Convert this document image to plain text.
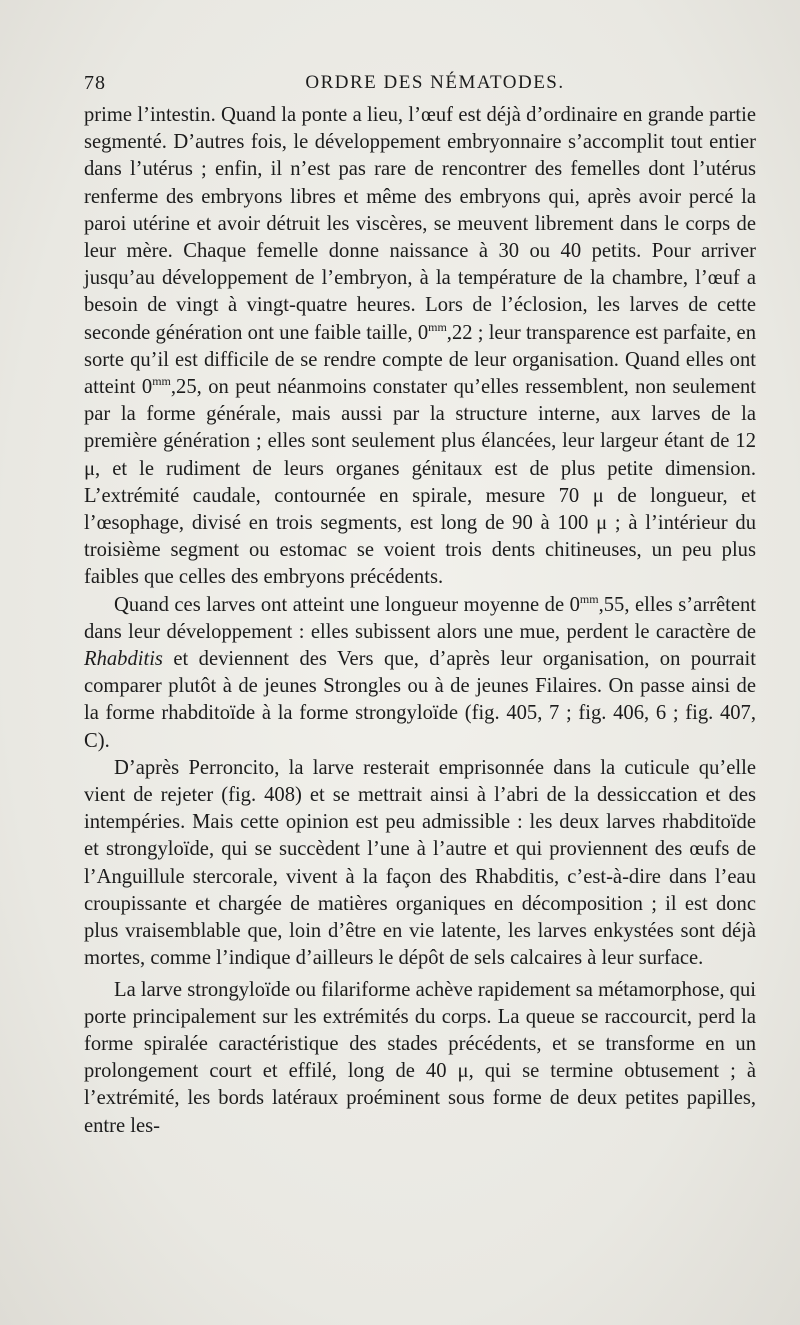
78	ORDRE DES NÉMATODES.

prime l’intestin. Quand la ponte a lieu, l’œuf est déjà d’ordinaire en grande partie segmenté. D’autres fois, le développement embryonnaire s’accomplit tout entier dans l’utérus ; enfin, il n’est pas rare de rencontrer des femelles dont l’utérus renferme des embryons libres et même des embryons qui, après avoir percé la paroi utérine et avoir détruit les viscères, se meuvent librement dans le corps de leur mère. Chaque femelle donne naissance à 30 ou 40 petits. Pour arriver jusqu’au développement de l’embryon, à la température de la chambre, l’œuf a besoin de vingt à vingt-quatre heures. Lors de l’éclosion, les larves de cette seconde génération ont une faible taille, $0^{mm},22$ ; leur transparence est parfaite, en sorte qu’il est difficile de se rendre compte de leur organisation. Quand elles ont atteint $0^{mm},25$, on peut néanmoins constater qu’elles ressemblent, non seulement par la forme générale, mais aussi par la structure interne, aux larves de la première génération ; elles sont seulement plus élancées, leur largeur étant de 12 μ, et le rudiment de leurs organes génitaux est de plus petite dimension. L’extrémité caudale, contournée en spirale, mesure 70 μ de longueur, et l’œsophage, divisé en trois segments, est long de 90 à 100 μ ; à l’intérieur du troisième segment ou estomac se voient trois dents chitineuses, un peu plus faibles que celles des embryons précédents.

Quand ces larves ont atteint une longueur moyenne de $0^{mm},55$, elles s’arrêtent dans leur développement : elles subissent alors une mue, perdent le caractère de Rhabditis et deviennent des Vers que, d’après leur organisation, on pourrait comparer plutôt à de jeunes Strongles ou à de jeunes Filaires. On passe ainsi de la forme rhabditoïde à la forme strongyloïde (fig. 405, 7 ; fig. 406, 6 ; fig. 407, C).

D’après Perroncito, la larve resterait emprisonnée dans la cuticule qu’elle vient de rejeter (fig. 408) et se mettrait ainsi à l’abri de la dessiccation et des intempéries. Mais cette opinion est peu admissible : les deux larves rhabditoïde et strongyloïde, qui se succèdent l’une à l’autre et qui proviennent des œufs de l’Anguillule stercorale, vivent à la façon des Rhabditis, c’est-à-dire dans l’eau croupissante et chargée de matières organiques en décomposition ; il est donc plus vraisemblable que, loin d’être en vie latente, les larves enkystées sont déjà mortes, comme l’indique d’ailleurs le dépôt de sels calcaires à leur surface.

La larve strongyloïde ou filariforme achève rapidement sa métamorphose, qui porte principalement sur les extrémités du corps. La queue se raccourcit, perd la forme spiralée caractéristique des stades précédents, et se transforme en un prolongement court et effilé, long de 40 μ, qui se termine obtusement ; à l’extrémité, les bords latéraux proéminent sous forme de deux petites papilles, entre les-
